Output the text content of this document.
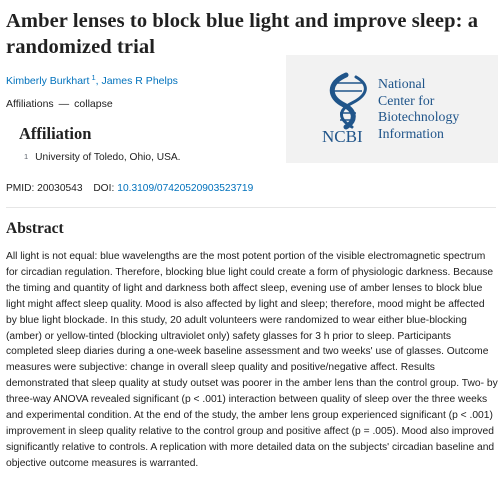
Amber lenses to block blue light and improve sleep: a randomized trial
Kimberly Burkhart $^1$, James R Phelps
Affiliations — collapse
Affiliation
1 University of Toledo, Ohio, USA.
NCBI
National
Center for
Biotechnology
Information
PMID: 20030543 DOI: 10.3109/07420520903523719
Abstract

All light is not equal: blue wavelengths are the most potent portion of the visible electromagnetic spectrum for circadian regulation. Therefore, blocking blue light could create a form of physiologic darkness. Because the timing and quantity of light and darkness both affect sleep, evening use of amber lenses to block blue light might affect sleep quality. Mood is also affected by light and sleep; therefore, mood might be affected by blue light blockade. In this study, 20 adult volunteers were randomized to wear either blue-blocking (amber) or yellow-tinted (blocking ultraviolet only) safety glasses for 3 h prior to sleep. Participants completed sleep diaries during a one-week baseline assessment and two weeks' use of glasses. Outcome measures were subjective: change in overall sleep quality and positive/negative affect. Results demonstrated that sleep quality at study outset was poorer in the amber lens than the control group. Two- by three-way ANOVA revealed significant (p < .001) interaction between quality of sleep over the three weeks and experimental condition. At the end of the study, the amber lens group experienced significant (p < .001) improvement in sleep quality relative to the control group and positive affect (p = .005). Mood also improved significantly relative to controls. A replication with more detailed data on the subjects' circadian baseline and objective outcome measures is warranted.
